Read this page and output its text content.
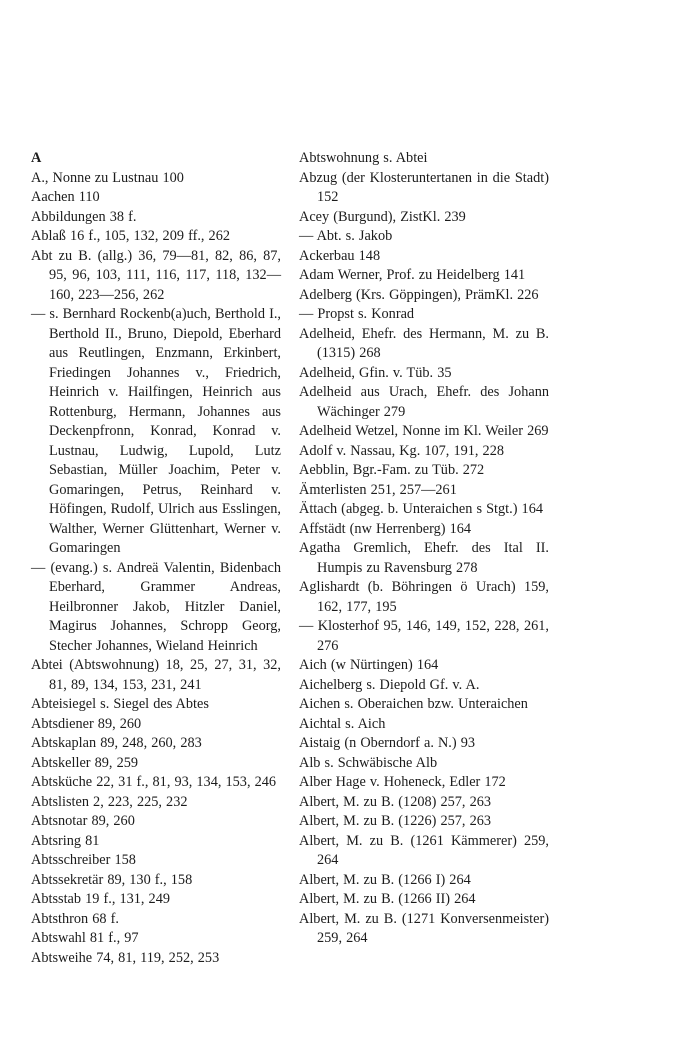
A
A., Nonne zu Lustnau 100
Aachen 110
Abbildungen 38 f.
Ablaß 16 f., 105, 132, 209 ff., 262
Abt zu B. (allg.) 36, 79—81, 82, 86, 87, 95, 96, 103, 111, 116, 117, 118, 132—160, 223—256, 262
— s. Bernhard Rockenb(a)uch, Berthold I., Berthold II., Bruno, Diepold, Eberhard aus Reutlingen, Enzmann, Erkinbert, Friedingen Johannes v., Friedrich, Heinrich v. Hailfingen, Heinrich aus Rottenburg, Hermann, Johannes aus Deckenpfronn, Konrad, Konrad v. Lustnau, Ludwig, Lupold, Lutz Sebastian, Müller Joachim, Peter v. Gomaringen, Petrus, Reinhard v. Höfingen, Rudolf, Ulrich aus Esslingen, Walther, Werner Glüttenhart, Werner v. Gomaringen
— (evang.) s. Andreä Valentin, Bidenbach Eberhard, Grammer Andreas, Heilbronner Jakob, Hitzler Daniel, Magirus Johannes, Schropp Georg, Stecher Johannes, Wieland Heinrich
Abtei (Abtswohnung) 18, 25, 27, 31, 32, 81, 89, 134, 153, 231, 241
Abteisiegel s. Siegel des Abtes
Abtsdiener 89, 260
Abtskaplan 89, 248, 260, 283
Abtskeller 89, 259
Abtsküche 22, 31 f., 81, 93, 134, 153, 246
Abtslisten 2, 223, 225, 232
Abtsnotar 89, 260
Abtsring 81
Abtsschreiber 158
Abtssekretär 89, 130 f., 158
Abtsstab 19 f., 131, 249
Abtsthron 68 f.
Abtswahl 81 f., 97
Abtsweihe 74, 81, 119, 252, 253
Abtswohnung s. Abtei
Abzug (der Klosteruntertanen in die Stadt) 152
Acey (Burgund), ZistKl. 239
— Abt. s. Jakob
Ackerbau 148
Adam Werner, Prof. zu Heidelberg 141
Adelberg (Krs. Göppingen), PrämKl. 226
— Propst s. Konrad
Adelheid, Ehefr. des Hermann, M. zu B. (1315) 268
Adelheid, Gfin. v. Tüb. 35
Adelheid aus Urach, Ehefr. des Johann Wächinger 279
Adelheid Wetzel, Nonne im Kl. Weiler 269
Adolf v. Nassau, Kg. 107, 191, 228
Aebblin, Bgr.-Fam. zu Tüb. 272
Ämterlisten 251, 257—261
Ättach (abgeg. b. Unteraichen s Stgt.) 164
Affstädt (nw Herrenberg) 164
Agatha Gremlich, Ehefr. des Ital II. Humpis zu Ravensburg 278
Aglishardt (b. Böhringen ö Urach) 159, 162, 177, 195
— Klosterhof 95, 146, 149, 152, 228, 261, 276
Aich (w Nürtingen) 164
Aichelberg s. Diepold Gf. v. A.
Aichen s. Oberaichen bzw. Unteraichen
Aichtal s. Aich
Aistaig (n Oberndorf a. N.) 93
Alb s. Schwäbische Alb
Alber Hage v. Hoheneck, Edler 172
Albert, M. zu B. (1208) 257, 263
Albert, M. zu B. (1226) 257, 263
Albert, M. zu B. (1261 Kämmerer) 259, 264
Albert, M. zu B. (1266 I) 264
Albert, M. zu B. (1266 II) 264
Albert, M. zu B. (1271 Konversenmeister) 259, 264
